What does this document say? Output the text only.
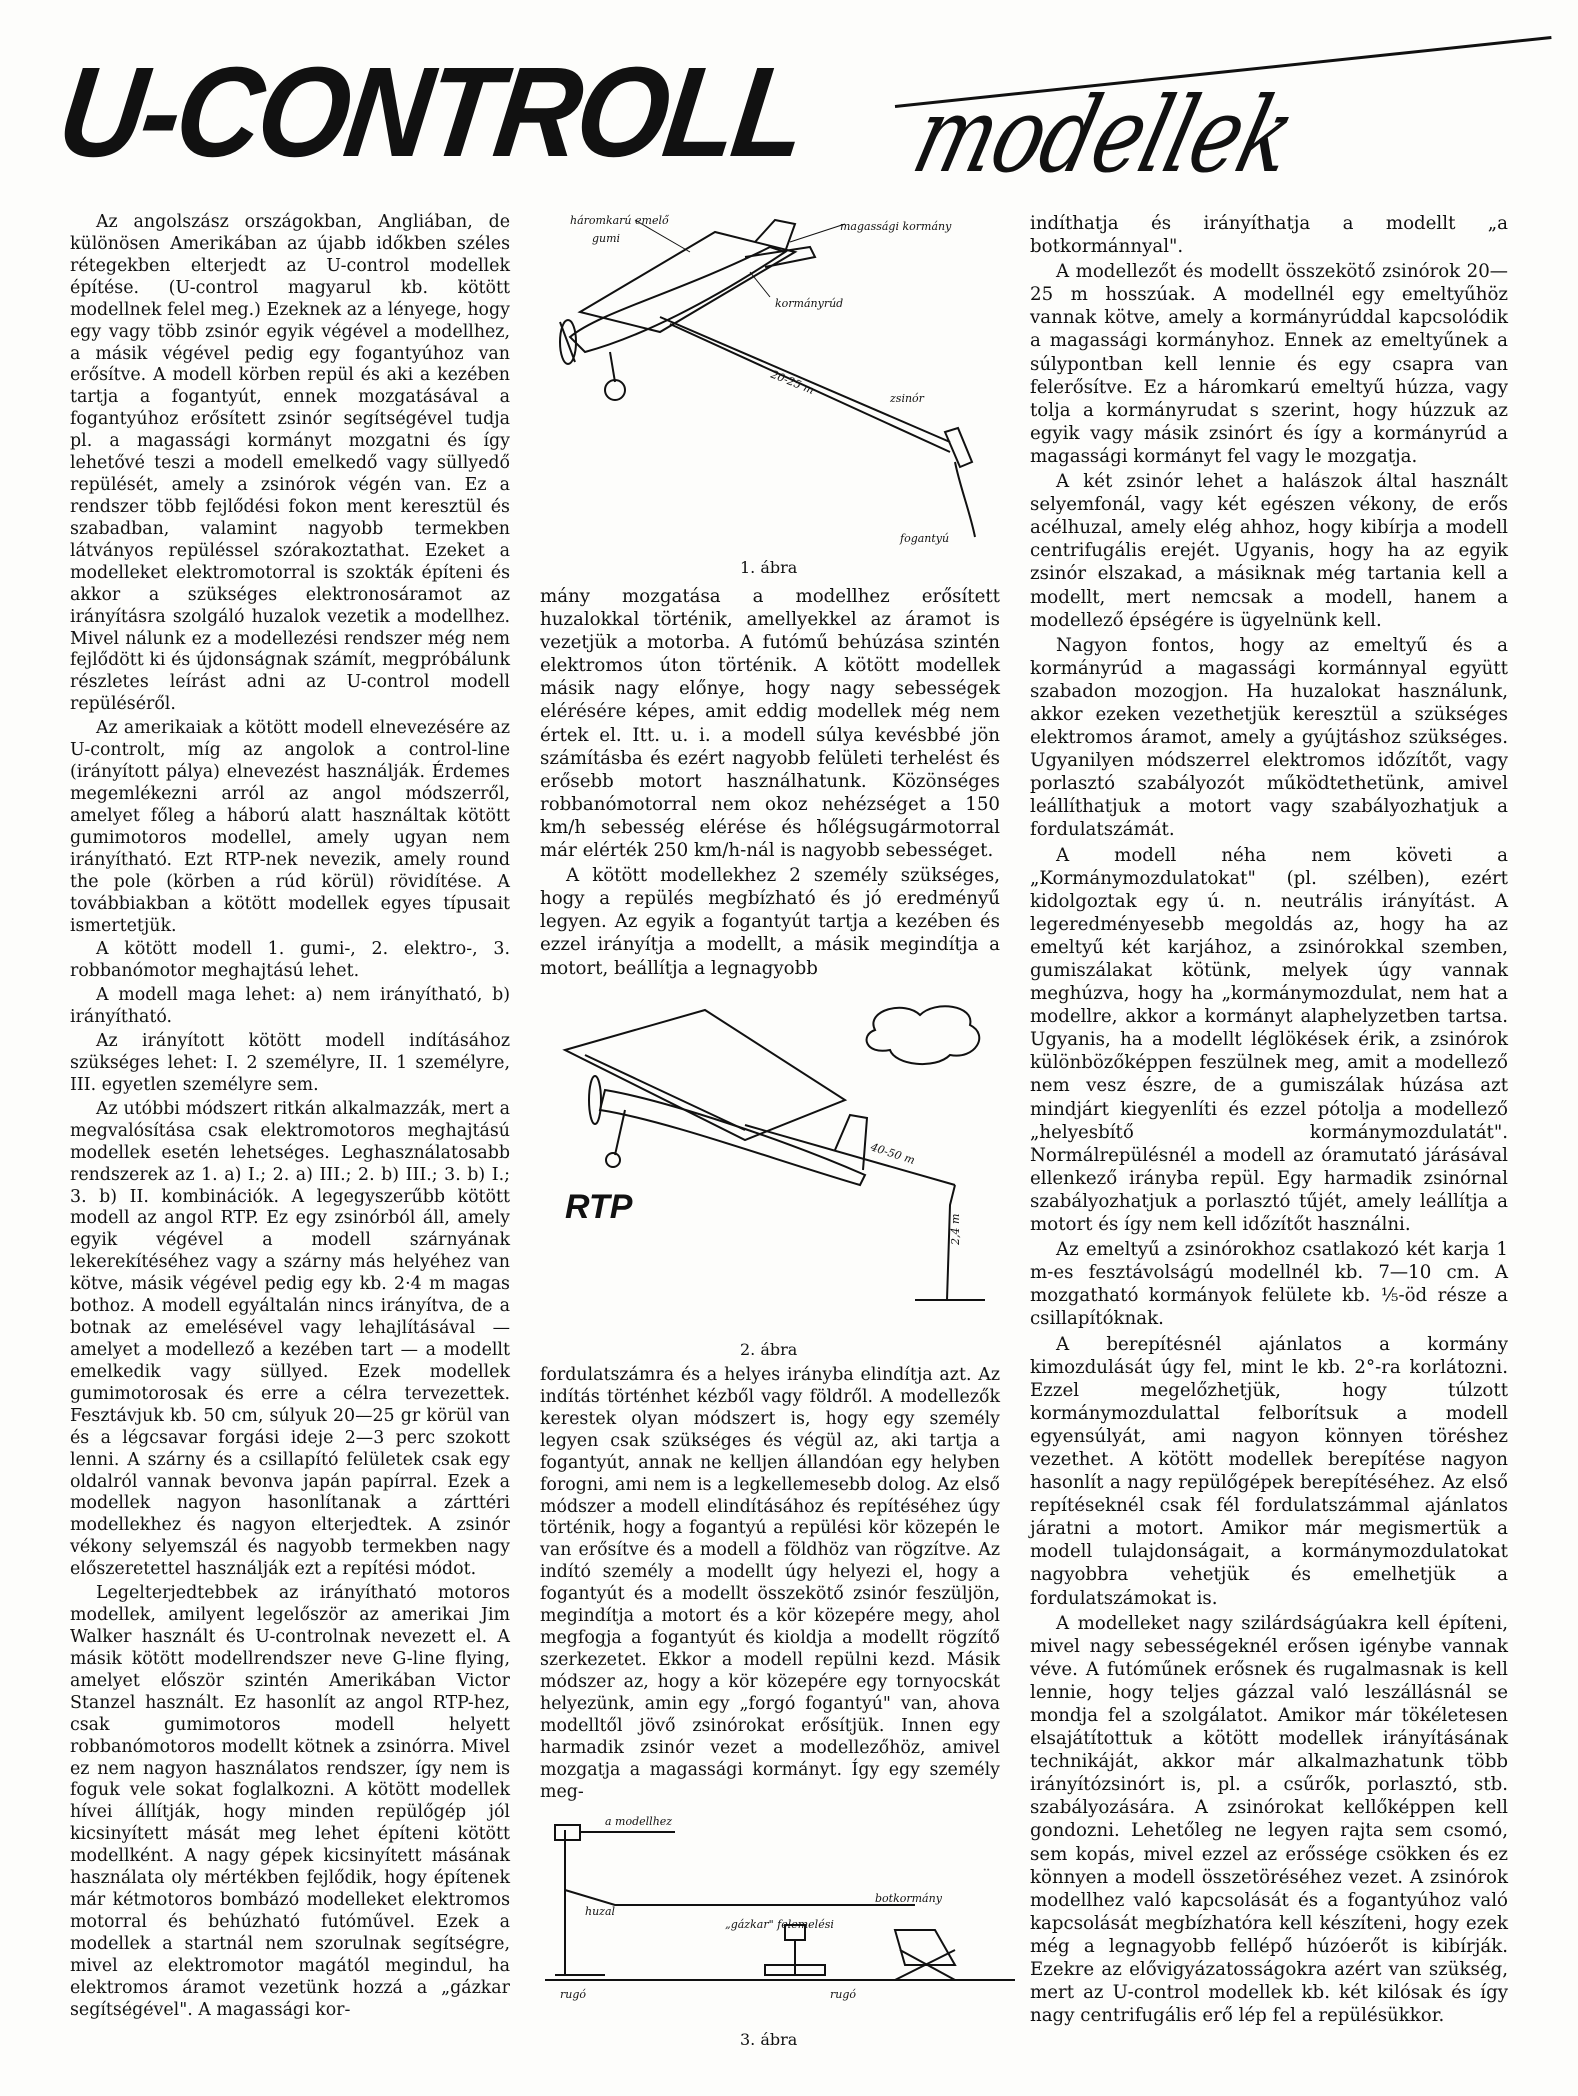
U-CONTROLL modellek

Az angolszász országokban, Angliában, de különösen Amerikában az újabb időkben széles rétegekben elterjedt az U-control modellek építése. (U-control magyarul kb. kötött modellnek felel meg.) Ezeknek az a lényege, hogy egy vagy több zsinór egyik végével a modellhez, a másik végével pedig egy fogantyúhoz van erősítve. A modell körben repül és aki a kezében tartja a fogantyút, ennek mozgatásával a fogantyúhoz erősített zsinór segítségével tudja pl. a magassági kormányt mozgatni és így lehetővé teszi a modell emelkedő vagy süllyedő repülését, amely a zsinórok végén van. Ez a rendszer több fejlődési fokon ment keresztül és szabadban, valamint nagyobb termekben látványos repüléssel szórakoztathat. Ezeket a modelleket elektromotorral is szokták építeni és akkor a szükséges elektronosáramot az irányításra szolgáló huzalok vezetik a modellhez. Mivel nálunk ez a modellezési rendszer még nem fejlődött ki és újdonságnak számít, megpróbálunk részletes leírást adni az U-control modell repüléséről.

Az amerikaiak a kötött modell elnevezésére az U-controlt, míg az angolok a control-line (irányított pálya) elnevezést használják. Érdemes megemlékezni arról az angol módszerről, amelyet főleg a háború alatt használtak kötött gumimotoros modellel, amely ugyan nem irányítható. Ezt RTP-nek nevezik, amely round the pole (körben a rúd körül) rövidítése. A továbbiakban a kötött modellek egyes típusait ismertetjük.

A kötött modell 1. gumi-, 2. elektro-, 3. robbanómotor meghajtású lehet.

A modell maga lehet: a) nem irányítható, b) irányítható.

Az irányított kötött modell indításához szükséges lehet: I. 2 személyre, II. 1 személyre, III. egyetlen személyre sem.

Az utóbbi módszert ritkán alkalmazzák, mert a megvalósítása csak elektromotoros meghajtású modellek esetén lehetséges. Leghasználatosabb rendszerek az 1. a) I.; 2. a) III.; 2. b) III.; 3. b) I.; 3. b) II. kombinációk. A legegyszerűbb kötött modell az angol RTP. Ez egy zsinórból áll, amely egyik végével a modell szárnyának lekerekítéséhez vagy a szárny más helyéhez van kötve, másik végével pedig egy kb. 2·4 m magas bothoz. A modell egyáltalán nincs irányítva, de a botnak az emelésével vagy lehajlításával — amelyet a modellező a kezében tart — a modellt emelkedik vagy süllyed. Ezek modellek gumimotorosak és erre a célra tervezettek. Fesztávjuk kb. 50 cm, súlyuk 20—25 gr körül van és a légcsavar forgási ideje 2—3 perc szokott lenni. A szárny és a csillapító felületek csak egy oldalról vannak bevonva japán papírral. Ezek a modellek nagyon hasonlítanak a zárttéri modellekhez és nagyon elterjedtek. A zsinór vékony selyemszál és nagyobb termekben nagy előszeretettel használják ezt a repítési módot.

Legelterjedtebbek az irányítható motoros modellek, amilyent legelőször az amerikai Jim Walker használt és U-controlnak nevezett el. A másik kötött modellrendszer neve G-line flying, amelyet először szintén Amerikában Victor Stanzel használt. Ez hasonlít az angol RTP-hez, csak gumimotoros modell helyett robbanómotoros modellt kötnek a zsinórra. Mivel ez nem nagyon használatos rendszer, így nem is foguk vele sokat foglalkozni. A kötött modellek hívei állítják, hogy minden repülőgép jól kicsinyített mását meg lehet építeni kötött modellként. A nagy gépek kicsinyített másának használata oly mértékben fejlődik, hogy építenek már kétmotoros bombázó modelleket elektromos motorral és behúzható futóművel. Ezek a modellek a startnál nem szorulnak segítségre, mivel az elektromotor magától megindul, ha elektromos áramot vezetünk hozzá a „gázkar segítségével". A magassági kor-

háromkarú emelő
gumi
magassági kormány
kormányrúd
zsinór
20-25 m
fogantyú
1. ábra

mány mozgatása a modellhez erősített huzalokkal történik, amellyekkel az áramot is vezetjük a motorba. A futómű behúzása szintén elektromos úton történik. A kötött modellek másik nagy előnye, hogy nagy sebességek elérésére képes, amit eddig modellek még nem értek el. Itt. u. i. a modell súlya kevésbbé jön számításba és ezért nagyobb felületi terhelést és erősebb motort használhatunk. Közönséges robbanómotorral nem okoz nehézséget a 150 km/h sebesség elérése és hőlégsugármotorral már elérték 250 km/h-nál is nagyobb sebességet.

A kötött modellekhez 2 személy szükséges, hogy a repülés megbízható és jó eredményű legyen. Az egyik a fogantyút tartja a kezében és ezzel irányítja a modellt, a másik megindítja a motort, beállítja a legnagyobb

RTP
40-50 m
2,4 m
2. ábra

fordulatszámra és a helyes irányba elindítja azt. Az indítás történhet kézből vagy földről. A modellezők kerestek olyan módszert is, hogy egy személy legyen csak szükséges és végül az, aki tartja a fogantyút, annak ne kelljen állandóan egy helyben forogni, ami nem is a legkellemesebb dolog. Az első módszer a modell elindításához és repítéséhez úgy történik, hogy a fogantyú a repülési kör közepén le van erősítve és a modell a földhöz van rögzítve. Az indító személy a modellt úgy helyezi el, hogy a fogantyút és a modellt összekötő zsinór feszüljön, megindítja a motort és a kör közepére megy, ahol megfogja a fogantyút és kioldja a modellt rögzítő szerkezetet. Ekkor a modell repülni kezd. Másik módszer az, hogy a kör közepére egy tornyocskát helyezünk, amin egy „forgó fogantyú" van, ahova modelltől jövő zsinórokat erősítjük. Innen egy harmadik zsinór vezet a modellezőhöz, amivel mozgatja a magassági kormányt. Így egy személy meg-

a modellhez
huzal
rugó
botkormány
„gázkar" felemelési
rugó
3. ábra

indíthatja és irányíthatja a modellt „a botkormánnyal".

A modellezőt és modellt összekötő zsinórok 20—25 m hosszúak. A modellnél egy emeltyűhöz vannak kötve, amely a kormányrúddal kapcsolódik a magassági kormányhoz. Ennek az emeltyűnek a súlypontban kell lennie és egy csapra van felerősítve. Ez a háromkarú emeltyű húzza, vagy tolja a kormányrudat s szerint, hogy húzzuk az egyik vagy másik zsinórt és így a kormányrúd a magassági kormányt fel vagy le mozgatja.

A két zsinór lehet a halászok által használt selyemfonál, vagy két egészen vékony, de erős acélhuzal, amely elég ahhoz, hogy kibírja a modell centrifugális erejét. Ugyanis, hogy ha az egyik zsinór elszakad, a másiknak még tartania kell a modellt, mert nemcsak a modell, hanem a modellező épségére is ügyelnünk kell.

Nagyon fontos, hogy az emeltyű és a kormányrúd a magassági kormánnyal együtt szabadon mozogjon. Ha huzalokat használunk, akkor ezeken vezethetjük keresztül a szükséges elektromos áramot, amely a gyújtáshoz szükséges. Ugyanilyen módszerrel elektromos időzítőt, vagy porlasztó szabályozót működtethetünk, amivel leállíthatjuk a motort vagy szabályozhatjuk a fordulatszámát.

A modell néha nem követi a „Kormánymozdulatokat" (pl. szélben), ezért kidolgoztak egy ú. n. neutrális irányítást. A legeredményesebb megoldás az, hogy ha az emeltyű két karjához, a zsinórokkal szemben, gumiszálakat kötünk, melyek úgy vannak meghúzva, hogy ha „kormánymozdulat, nem hat a modellre, akkor a kormányt alaphelyzetben tartsa. Ugyanis, ha a modellt léglökések érik, a zsinórok különbözőképpen feszülnek meg, amit a modellező nem vesz észre, de a gumiszálak húzása azt mindjárt kiegyenlíti és ezzel pótolja a modellező „helyesbítő kormánymozdulatát". Normálrepülésnél a modell az óramutató járásával ellenkező irányba repül. Egy harmadik zsinórnal szabályozhatjuk a porlasztó tűjét, amely leállítja a motort és így nem kell időzítőt használni.

Az emeltyű a zsinórokhoz csatlakozó két karja 1 m-es fesztávolságú modellnél kb. 7—10 cm. A mozgatható kormányok felülete kb. ⅟₅-öd része a csillapítóknak.

A berepítésnél ajánlatos a kormány kimozdulását úgy fel, mint le kb. 2°-ra korlátozni. Ezzel megelőzhetjük, hogy túlzott kormánymozdulattal felborítsuk a modell egyensúlyát, ami nagyon könnyen töréshez vezethet. A kötött modellek berepítése nagyon hasonlít a nagy repülőgépek berepítéséhez. Az első repítéseknél csak fél fordulatszámmal ajánlatos járatni a motort. Amikor már megismertük a modell tulajdonságait, a kormánymozdulatokat nagyobbra vehetjük és emelhetjük a fordulatszámokat is.

A modelleket nagy szilárdságúakra kell építeni, mivel nagy sebességeknél erősen igénybe vannak véve. A futóműnek erősnek és rugalmasnak is kell lennie, hogy teljes gázzal való leszállásnál se mondja fel a szolgálatot. Amikor már tökéletesen elsajátítottuk a kötött modellek irányításának technikáját, akkor már alkalmazhatunk több irányítózsinórt is, pl. a csűrők, porlasztó, stb. szabályozására. A zsinórokat kellőképpen kell gondozni. Lehetőleg ne legyen rajta sem csomó, sem kopás, mivel ezzel az erőssége csökken és ez könnyen a modell összetöréséhez vezet. A zsinórok modellhez való kapcsolását és a fogantyúhoz való kapcsolását megbízhatóra kell készíteni, hogy ezek még a legnagyobb fellépő húzóerőt is kibírják. Ezekre az elővigyázatosságokra azért van szükség, mert az U-control modellek kb. két kilósak és így nagy centrifugális erő lép fel a repülésükkor.
